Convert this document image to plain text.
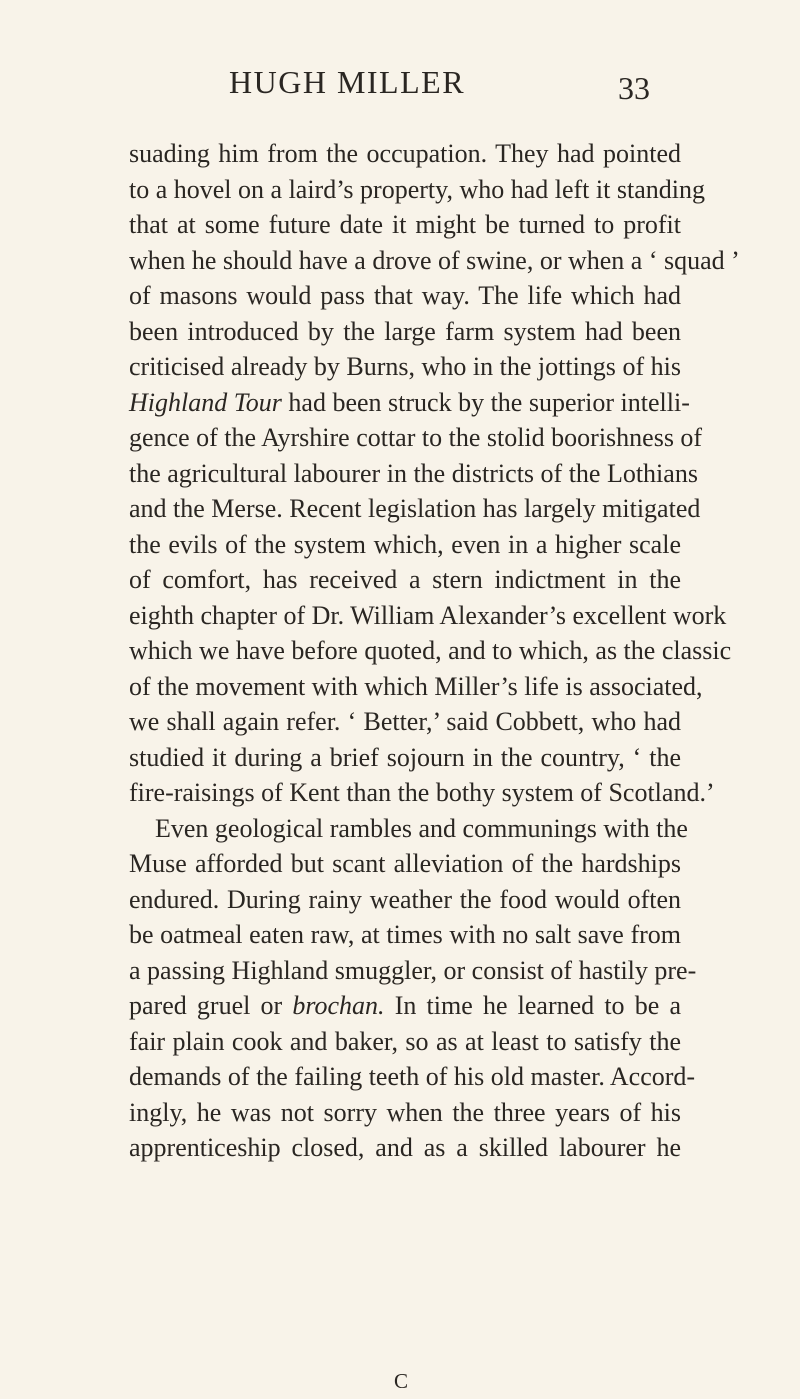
HUGH MILLER	33
suading him from the occupation. They had pointed
to a hovel on a laird’s property, who had left it standing
that at some future date it might be turned to profit
when he should have a drove of swine, or when a ‘ squad ’
of masons would pass that way. The life which had
been introduced by the large farm system had been
criticised already by Burns, who in the jottings of his
Highland Tour had been struck by the superior intelli-
gence of the Ayrshire cottar to the stolid boorishness of
the agricultural labourer in the districts of the Lothians
and the Merse. Recent legislation has largely mitigated
the evils of the system which, even in a higher scale
of comfort, has received a stern indictment in the
eighth chapter of Dr. William Alexander’s excellent work
which we have before quoted, and to which, as the classic
of the movement with which Miller’s life is associated,
we shall again refer. ‘ Better,’ said Cobbett, who had
studied it during a brief sojourn in the country, ‘ the
fire-raisings of Kent than the bothy system of Scotland.’
Even geological rambles and communings with the
Muse afforded but scant alleviation of the hardships
endured. During rainy weather the food would often
be oatmeal eaten raw, at times with no salt save from
a passing Highland smuggler, or consist of hastily pre-
pared gruel or brochan. In time he learned to be a
fair plain cook and baker, so as at least to satisfy the
demands of the failing teeth of his old master. Accord-
ingly, he was not sorry when the three years of his
apprenticeship closed, and as a skilled labourer he
C
